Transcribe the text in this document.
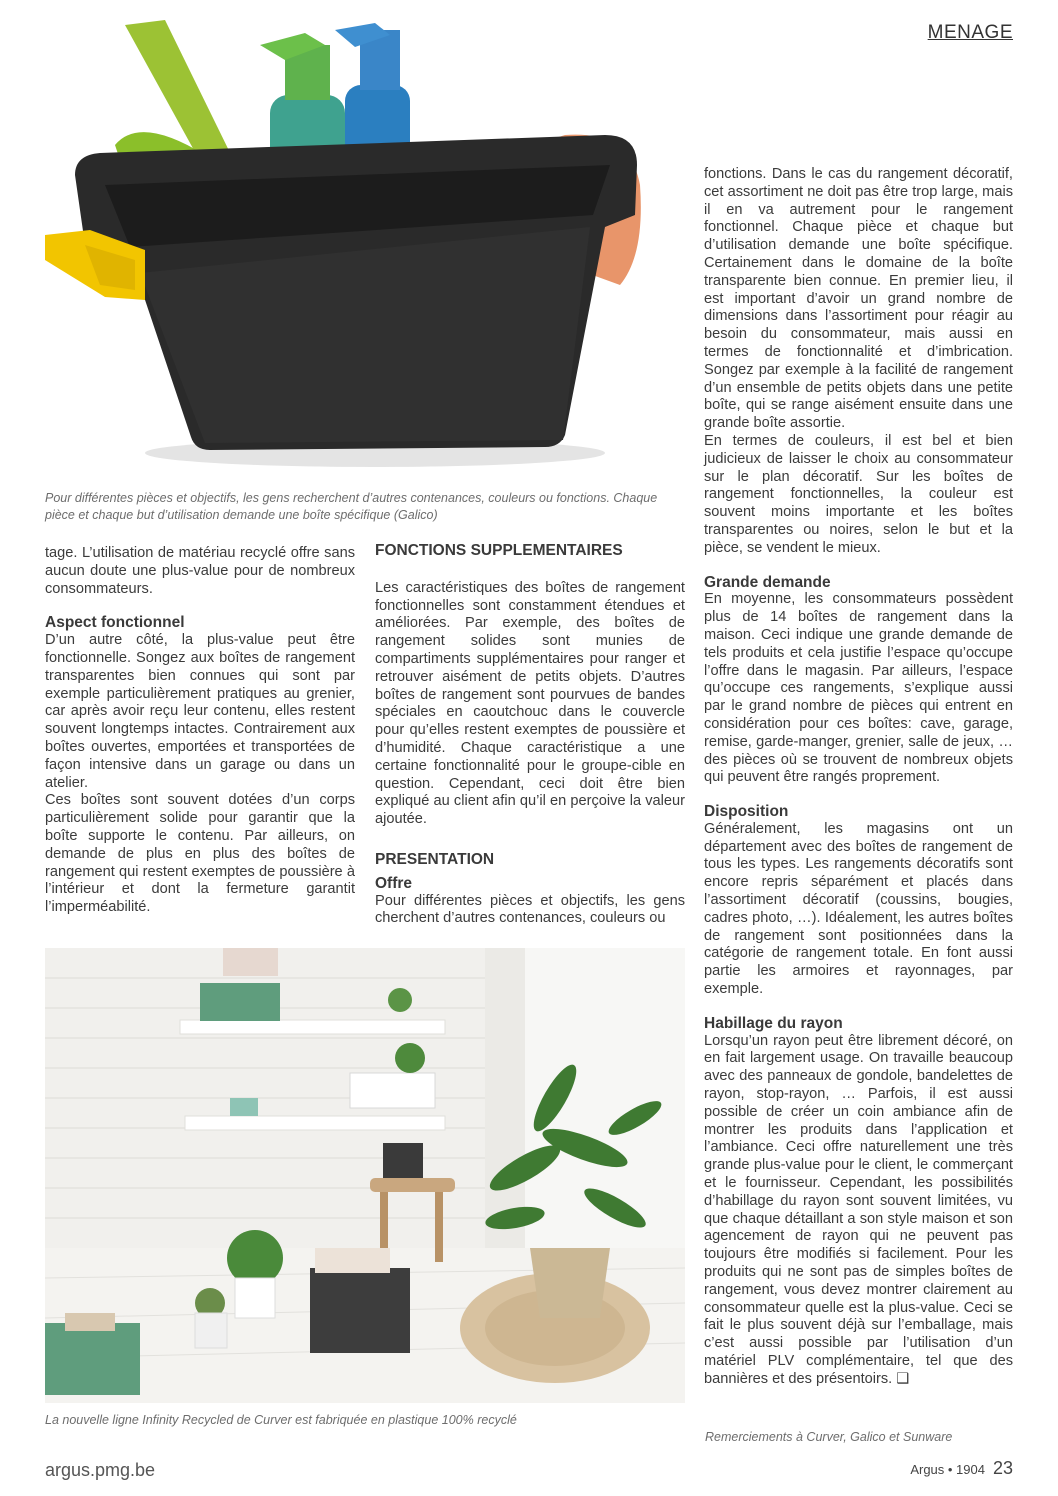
MENAGE
Pour différentes pièces et objectifs, les gens recherchent d’autres contenances, couleurs ou fonctions. Chaque pièce et chaque but d’utilisation demande une boîte spécifique (Galico)

tage. L’utilisation de matériau recyclé offre sans aucun doute une plus-value pour de nombreux consommateurs.

Aspect fonctionnel

D’un autre côté, la plus-value peut être fonctionnelle. Songez aux boîtes de rangement transparentes bien connues qui sont par exemple particulièrement pratiques au grenier, car après avoir reçu leur contenu, elles restent souvent longtemps intactes. Contrairement aux boîtes ouvertes, emportées et transportées de façon intensive dans un garage ou dans un atelier.

Ces boîtes sont souvent dotées d’un corps particulièrement solide pour garantir que la boîte supporte le contenu. Par ailleurs, on demande de plus en plus des boîtes de rangement qui restent exemptes de poussière à l’intérieur et dont la fermeture garantit l’imperméabilité.

FONCTIONS SUPPLEMENTAIRES

Les caractéristiques des boîtes de rangement fonctionnelles sont constamment étendues et améliorées. Par exemple, des boîtes de rangement solides sont munies de compartiments supplémentaires pour ranger et retrouver aisément de petits objets. D’autres boîtes de rangement sont pourvues de bandes spéciales en caoutchouc dans le couvercle pour qu’elles restent exemptes de poussière et d’humidité. Chaque caractéristique a une certaine fonctionnalité pour le groupe-cible en question. Cependant, ceci doit être bien expliqué au client afin qu’il en perçoive la valeur ajoutée.

PRESENTATION
Offre

Pour différentes pièces et objectifs, les gens cherchent d’autres contenances, couleurs ou

La nouvelle ligne Infinity Recycled de Curver est fabriquée en plastique 100% recyclé

fonctions. Dans le cas du rangement décoratif, cet assortiment ne doit pas être trop large, mais il en va autrement pour le rangement fonctionnel. Chaque pièce et chaque but d’utilisation demande une boîte spécifique. Certainement dans le domaine de la boîte transparente bien connue. En premier lieu, il est important d’avoir un grand nombre de dimensions dans l’assortiment pour réagir au besoin du consommateur, mais aussi en termes de fonctionnalité et d’imbrication. Songez par exemple à la facilité de rangement d’un ensemble de petits objets dans une petite boîte, qui se range aisément ensuite dans une grande boîte assortie.

En termes de couleurs, il est bel et bien judicieux de laisser le choix au consommateur sur le plan décoratif. Sur les boîtes de rangement fonctionnelles, la couleur est souvent moins importante et les boîtes transparentes ou noires, selon le but et la pièce, se vendent le mieux.

Grande demande

En moyenne, les consommateurs possèdent plus de 14 boîtes de rangement dans la maison. Ceci indique une grande demande de tels produits et cela justifie l’espace qu’occupe l’offre dans le magasin. Par ailleurs, l’espace qu’occupe ces rangements, s’explique aussi par le grand nombre de pièces qui entrent en considération pour ces boîtes: cave, garage, remise, garde-manger, grenier, salle de jeux, … des pièces où se trouvent de nombreux objets qui peuvent être rangés proprement.

Disposition

Généralement, les magasins ont un département avec des boîtes de rangement de tous les types. Les rangements décoratifs sont encore repris séparément et placés dans l’assortiment décoratif (coussins, bougies, cadres photo, …). Idéalement, les autres boîtes de rangement sont positionnées dans la catégorie de rangement totale. En font aussi partie les armoires et rayonnages, par exemple.

Habillage du rayon

Lorsqu’un rayon peut être librement décoré, on en fait largement usage. On travaille beaucoup avec des panneaux de gondole, bandelettes de rayon, stop-rayon, … Parfois, il est aussi possible de créer un coin ambiance afin de montrer les produits dans l’application et l’ambiance. Ceci offre naturellement une très grande plus-value pour le client, le commerçant et le fournisseur. Cependant, les possibilités d’habillage du rayon sont souvent limitées, vu que chaque détaillant a son style maison et son agencement de rayon qui ne peuvent pas toujours être modifiés si facilement. Pour les produits qui ne sont pas de simples boîtes de rangement, vous devez montrer clairement au consommateur quelle est la plus-value. Ceci se fait le plus souvent déjà sur l’emballage, mais c’est aussi possible par l’utilisation d’un matériel PLV complémentaire, tel que des bannières et des présentoirs. ❑

Remerciements à Curver, Galico et Sunware
argus.pmg.be	Argus • 1904 23
